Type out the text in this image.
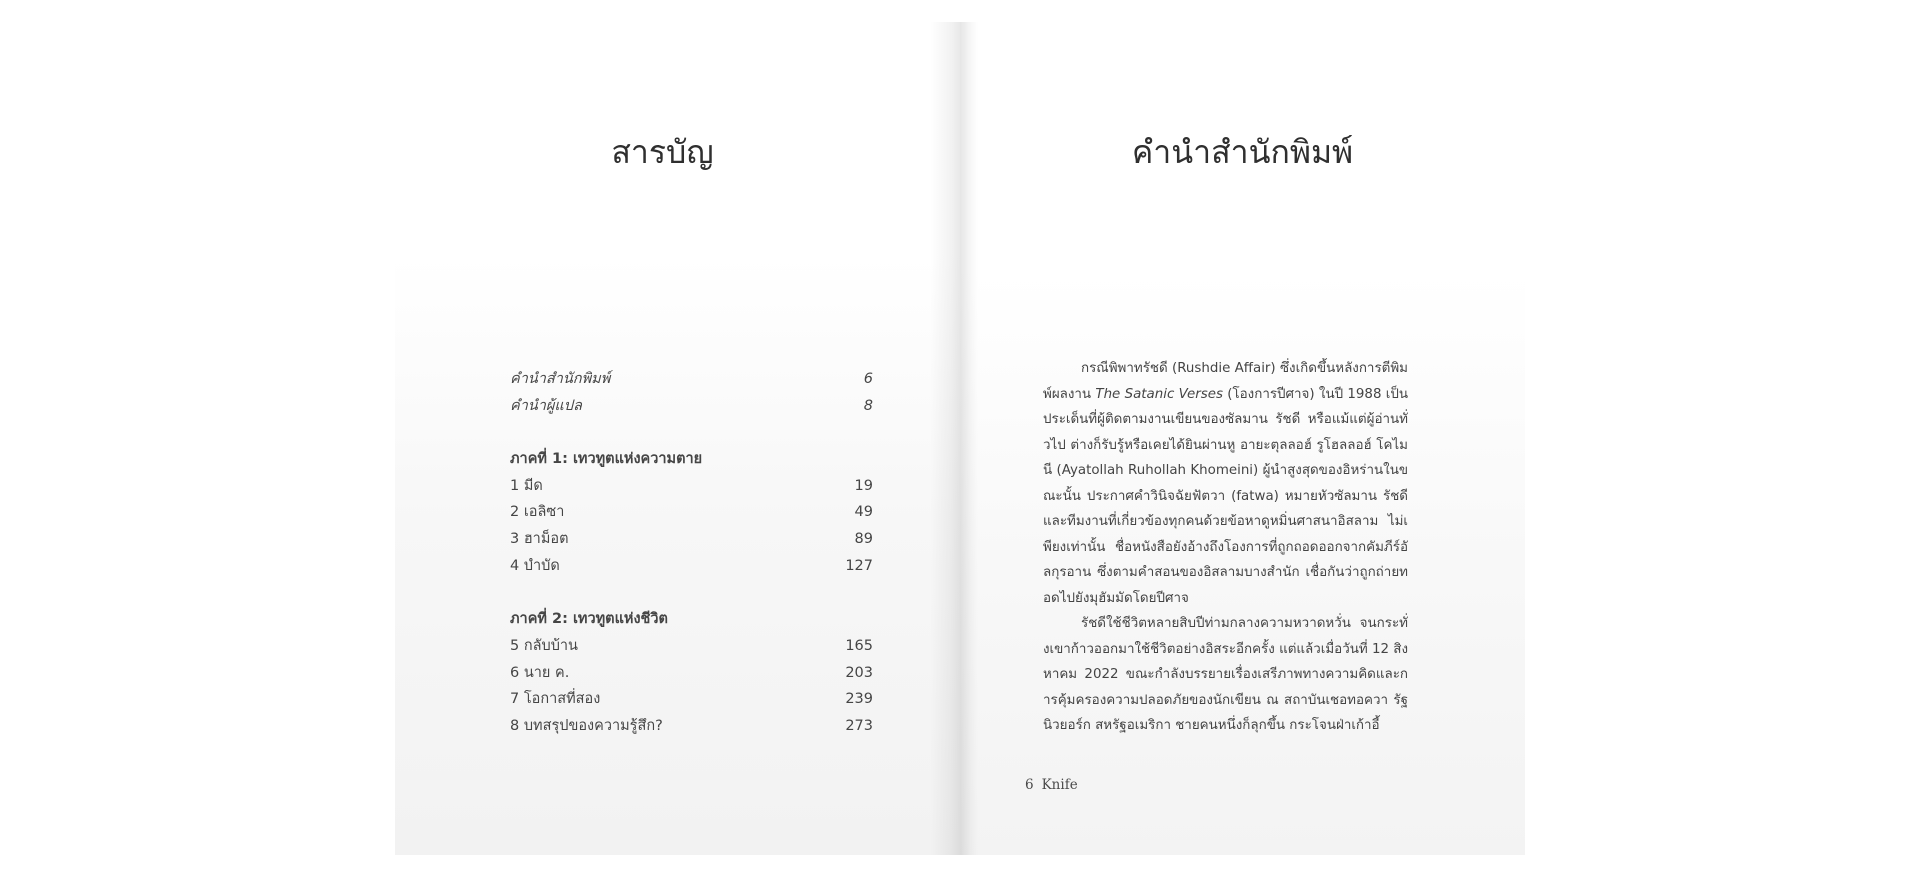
สารบัญ
คำนำสำนักพิมพ์	6
คำนำผู้แปล	8
ภาคที่ 1: เทวทูตแห่งความตาย
1 มีด	19
2 เอลิซา	49
3 ฮาม็อต	89
4 บำบัด	127
ภาคที่ 2: เทวทูตแห่งชีวิต
5 กลับบ้าน	165
6 นาย ค.	203
7 โอกาสที่สอง	239
8 บทสรุปของความรู้สึก?	273
คำนำสำนักพิมพ์

กรณีพิพาทรัชดี (Rushdie Affair) ซึ่งเกิดขึ้นหลังการตีพิมพ์ผลงาน The Satanic Verses (โองการปีศาจ) ในปี 1988 เป็นประเด็นที่ผู้ติดตามงานเขียนของซัลมาน รัชดี หรือแม้แต่ผู้อ่านทั่วไป ต่างก็รับรู้หรือเคยได้ยินผ่านหู อายะตุลลอฮ์ รูโฮลลอฮ์ โคไมนี (Ayatollah Ruhollah Khomeini) ผู้นำสูงสุดของอิหร่านในขณะนั้น ประกาศคำวินิจฉัยฟัตวา (fatwa) หมายหัวซัลมาน รัชดี และทีมงานที่เกี่ยวข้องทุกคนด้วยข้อหาดูหมิ่นศาสนาอิสลาม ไม่เพียงเท่านั้น ชื่อหนังสือยังอ้างถึงโองการที่ถูกถอดออกจากคัมภีร์อัลกุรอาน ซึ่งตามคำสอนของอิสลามบางสำนัก เชื่อกันว่าถูกถ่ายทอดไปยังมุฮัมมัดโดยปีศาจ

รัชดีใช้ชีวิตหลายสิบปีท่ามกลางความหวาดหวั่น จนกระทั่งเขาก้าวออกมาใช้ชีวิตอย่างอิสระอีกครั้ง แต่แล้วเมื่อวันที่ 12 สิงหาคม 2022 ขณะกำลังบรรยายเรื่องเสรีภาพทางความคิดและการคุ้มครองความปลอดภัยของนักเขียน ณ สถาบันเชอทอควา รัฐนิวยอร์ก สหรัฐอเมริกา ชายคนหนึ่งก็ลุกขึ้น กระโจนฝ่าเก้าอี้

6 Knife
